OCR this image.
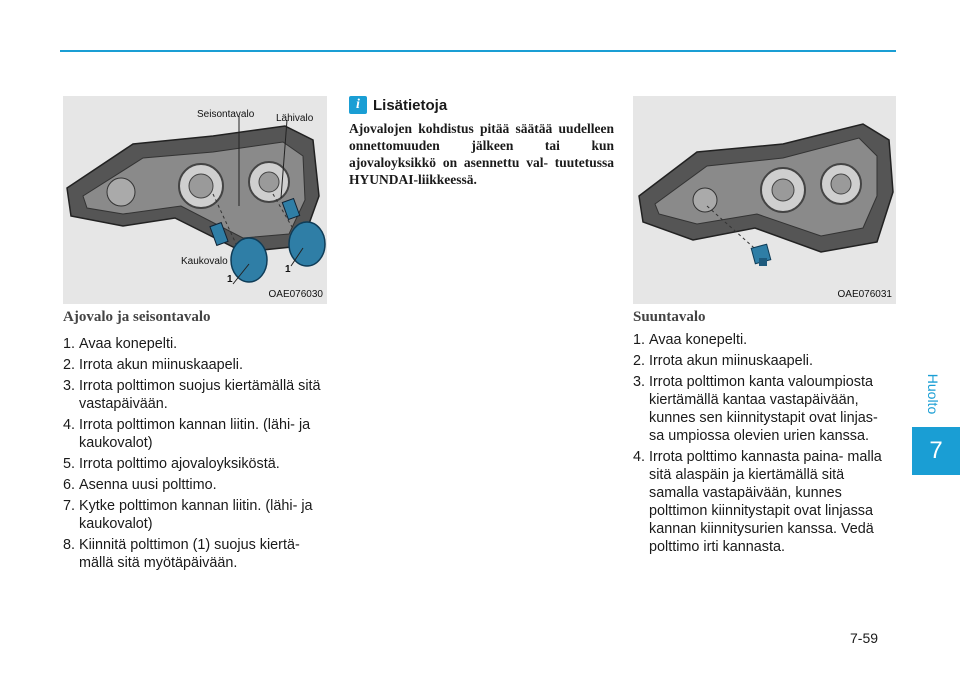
Seisontavalo Lähivalo
Kaukovalo
1
1
OAE076030
Ajovalo ja seisontavalo
1. Avaa konepelti.
2. Irrota akun miinuskaapeli.
3. Irrota polttimon suojus kiertämällä sitä vastapäivään.
4. Irrota polttimon kannan liitin. (lähi- ja kaukovalot)
5. Irrota polttimo ajovaloyksiköstä.
6. Asenna uusi polttimo.
7. Kytke polttimon kannan liitin. (lähi- ja kaukovalot)
8. Kiinnitä polttimon (1) suojus kiertä- mällä sitä myötäpäivään.
i Lisätietoja
Ajovalojen kohdistus pitää säätää uudelleen onnettomuuden jälkeen tai kun ajovaloyksikkö on asennettu val- tuutetussa HYUNDAI-liikkeessä.
OAE076031
Suuntavalo
1. Avaa konepelti.
2. Irrota akun miinuskaapeli.
3. Irrota polttimon kanta valoumpiosta kiertämällä kantaa vastapäivään, kunnes sen kiinnitystapit ovat linjas- sa umpiossa olevien urien kanssa.
4. Irrota polttimo kannasta paina- malla sitä alaspäin ja kiertämällä sitä samalla vastapäivään, kunnes polttimon kiinnitystapit ovat linjassa kannan kiinnitysurien kanssa. Vedä polttimo irti kannasta.
Huolto
7
7-59
